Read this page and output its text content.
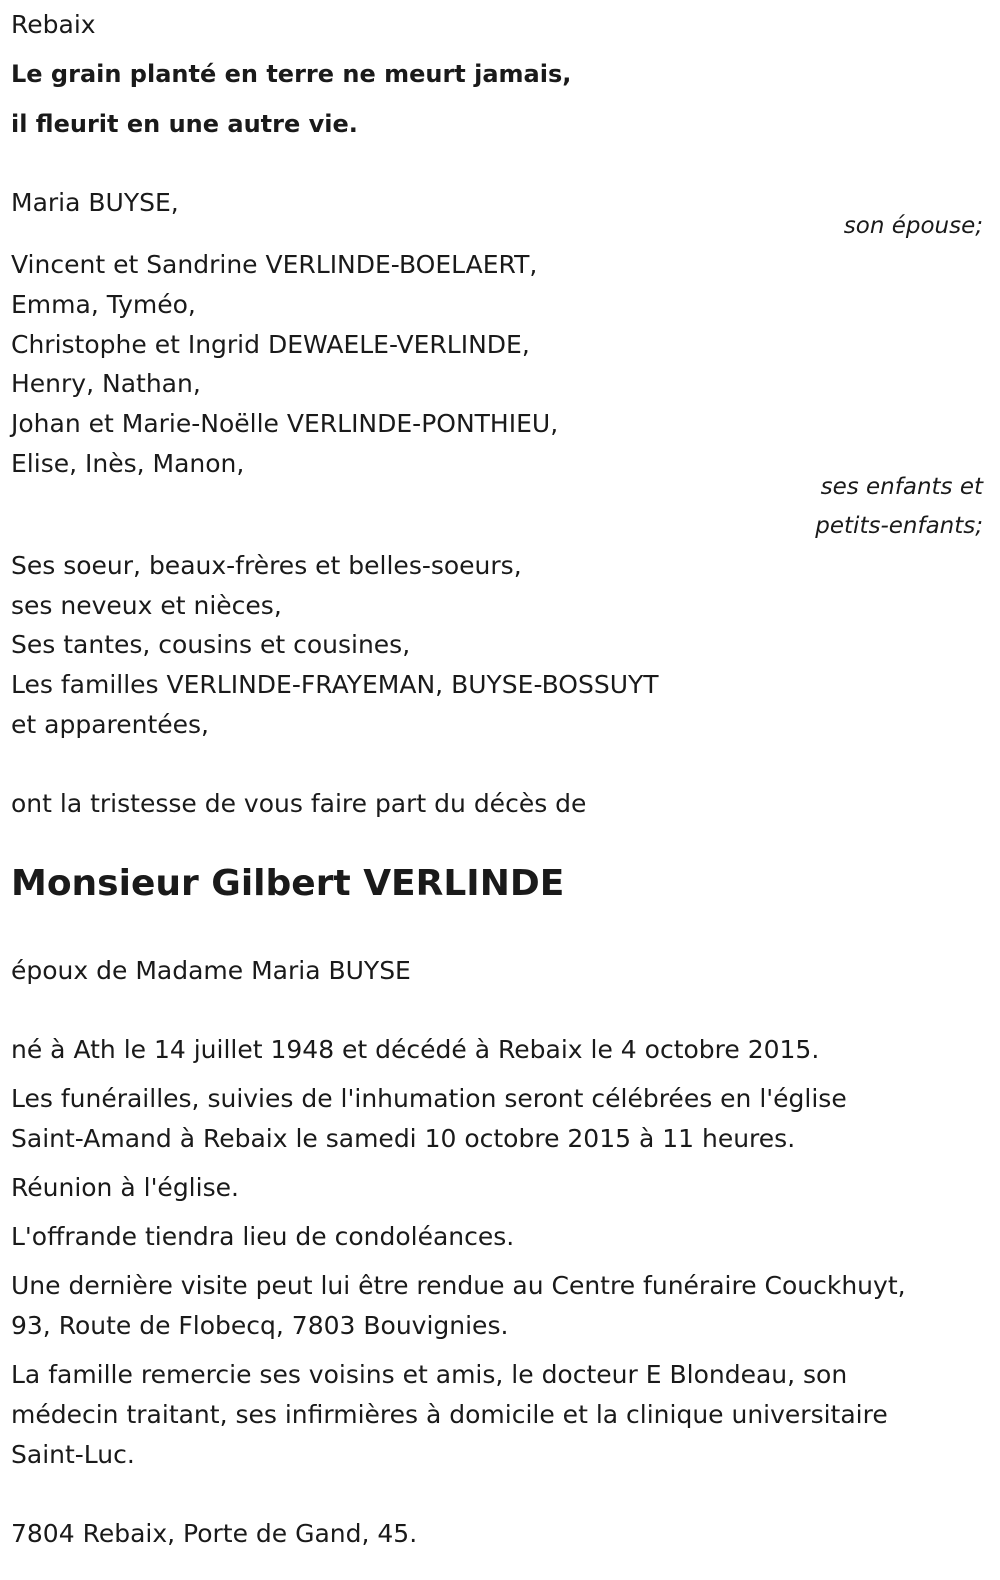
Rebaix

Le grain planté en terre ne meurt jamais,

il fleurit en une autre vie.

Maria BUYSE,

son épouse;

Vincent et Sandrine VERLINDE-BOELAERT,

Emma, Tyméo,

Christophe et Ingrid DEWAELE-VERLINDE,

Henry, Nathan,

Johan et Marie-Noëlle VERLINDE-PONTHIEU,

Elise, Inès, Manon,

ses enfants et

petits-enfants;

Ses soeur, beaux-frères et belles-soeurs,

ses neveux et nièces,

Ses tantes, cousins et cousines,

Les familles VERLINDE-FRAYEMAN, BUYSE-BOSSUYT

et apparentées,

ont la tristesse de vous faire part du décès de

Monsieur Gilbert VERLINDE

époux de Madame Maria BUYSE

né à Ath le 14 juillet 1948 et décédé à Rebaix le 4 octobre 2015.

Les funérailles, suivies de l'inhumation seront célébrées en l'église

Saint-Amand à Rebaix le samedi 10 octobre 2015 à 11 heures.

Réunion à l'église.

L'offrande tiendra lieu de condoléances.

Une dernière visite peut lui être rendue au Centre funéraire Couckhuyt,

93, Route de Flobecq, 7803 Bouvignies.

La famille remercie ses voisins et amis, le docteur E Blondeau, son

médecin traitant, ses infirmières à domicile et la clinique universitaire

Saint-Luc.

7804 Rebaix, Porte de Gand, 45.
